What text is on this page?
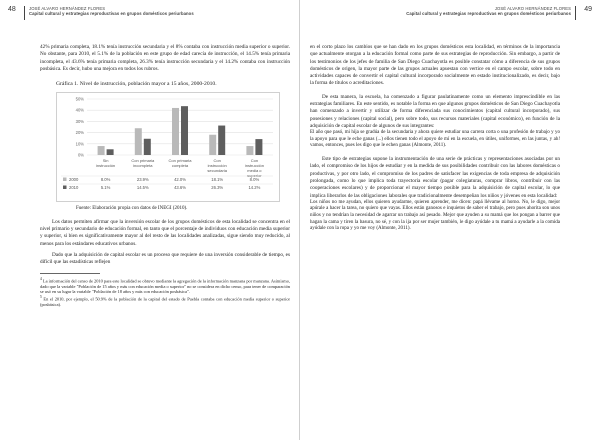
48	JOSÉ ALVARO HERNÁNDEZ FLORES
Capital cultural y estrategias reproductivas en grupos domésticos periurbanos

42% primaria completa, 18.1% tenía instrucción secundaria y el 8% contaba con instrucción media superior o superior. No obstante, para 2010, el 5.1% de la población en este grupo de edad carecía de instrucción, el 14.5% tenía primaria incompleta, el 43.6% tenía primaria completa, 26.3% tenía instrucción secundaria y el 14.2% contaba con instrucción posbásica. Es decir, hubo una mejora en todos los rubros.

Gráfica 1. Nivel de instrucción, población mayor a 15 años, 2000-2010.
0%
10%
20%
30%
40%
50%
Sin
instrucción
Con primaria
incompleta
Con primaria
completa
Con
instrucción
secundaria
Con
instrucción
media o
superior
2000	8.0%	23.9%	42.0%	18.1%	8.0%
2010	5.1%	14.5%	43.6%	26.3%	14.2%
Fuente: Elaboración propia con datos de INEGI (2010).

Los datos permiten afirmar que la inversión escolar de los grupos domésticos de esta localidad se concentra en el nivel primario y secundario de educación formal, en tanto que el porcentaje de individuos con educación media superior y superior, si bien es significativamente mayor al del resto de las localidades analizadas, sigue siendo muy reducido, al menos para los estándares educativos urbanos.

Dado que la adquisición de capital escolar es un proceso que requiere de una inversión considerable de tiempo, es difícil que las estadísticas reflejen

$^4$ La información del censo de 2010 para este localidad se obtuvo mediante la agregación de la información manzana por manzana. Asimismo, dado que la variable "Población de 15 años y más con educación media o superior" no se considera en dicho censo, para tener de comparación se usó en su lugar la variable "Población de 18 años y más con educación posbásica".

$^5$ En el 2010, por ejemplo, el 50.9% de la población de la capital del estado de Puebla contaba con educación media superior o superior (posbásica).

49
JOSÉ ALVARO HERNÁNDEZ FLORES
Capital cultural y estrategias reproductivas en grupos domésticos periurbanos

en el corto plazo los cambios que se han dado en los grupos domésticos esta localidad, en términos de la importancia que actualmente otorgan a la educación formal como parte de sus estrategias de reproducción. Sin embargo, a partir de los testimonios de los jefes de familia de San Diego Cuachayotla es posible constatar cómo a diferencia de sus grupos domésticos de origen, la mayor parte de las grupos actuales apuestan con vertice en el campo escolar, sobre todo en actividades capaces de convertir el capital cultural incorporado socialmente en estado institucionalizado, es decir, bajo la forma de títulos o acreditaciones.

De esta manera, la escuela, ha comenzado a figurar paulatinamente como un elemento imprescindible en las estrategias familiares. En este sentido, es notable la forma en que algunos grupos domésticos de San Diego Cuachayotla han comenzado a invertir y utilizar de forma diferenciada sus conocimientos (capital cultural incorporado), sus posesiones y relaciones (capital social), pero sobre todo, sus recursos materiales (capital económico), en función de la adquisición de capital escolar de algunos de sus integrantes:

El año que pasó, mi hija se gradúa de la secundaria y ahora quiere estudiar una carrera corta o una profesión de trabajo y yo la apoyo para que le eche ganas (...) ellos tienen todo el apoyo de mí en la escuela, en útiles, uniformes, en las juntas, y ah! vamos, entonces, pues les digo que le echen ganas (Almonte, 2011).

Este tipo de estrategias supone la instrumentación de una serie de prácticas y representaciones asociadas por un lado, el compromiso de los hijos de estudiar y en la medida de sus posibilidades contribuir con las labores domésticas o productivas, y por otro lado, el compromiso de los padres de satisfacer las exigencias de toda empresa de adquisición prolongada, como lo que implica toda trayectoria escolar (pagar colegiaturas, comprar libros, contribuir con las cooperaciones escolares) y de proporcionar el mayor tiempo posible para la adquisición de capital escolar, lo que implica liberarlos de las obligaciones laborales que tradicionalmente desempeñan los niños y jóvenes en esta localidad:

Los niños no me ayudan, ellos quieren ayudarme, quieren aprender, me dicen: papá llévame al horno. No, le digo, mejor apúrale a hacer la tarea, no quiero que vayas. Ellos están ganosos e inquietos de saber el trabajo, pero pues ahorita son unos niños y no tendrían la necesidad de agarrar un trabajo así pesado. Mejor que ayuden a su mamá que los pongan a barrer que hagan la cama y tiren la basura, no sé, y con la ija por ser mujer también, le digo ayúdale a tu mamá a ayudarle a la comida ayúdale con la ropa y yo me voy (Almonte, 2011).
